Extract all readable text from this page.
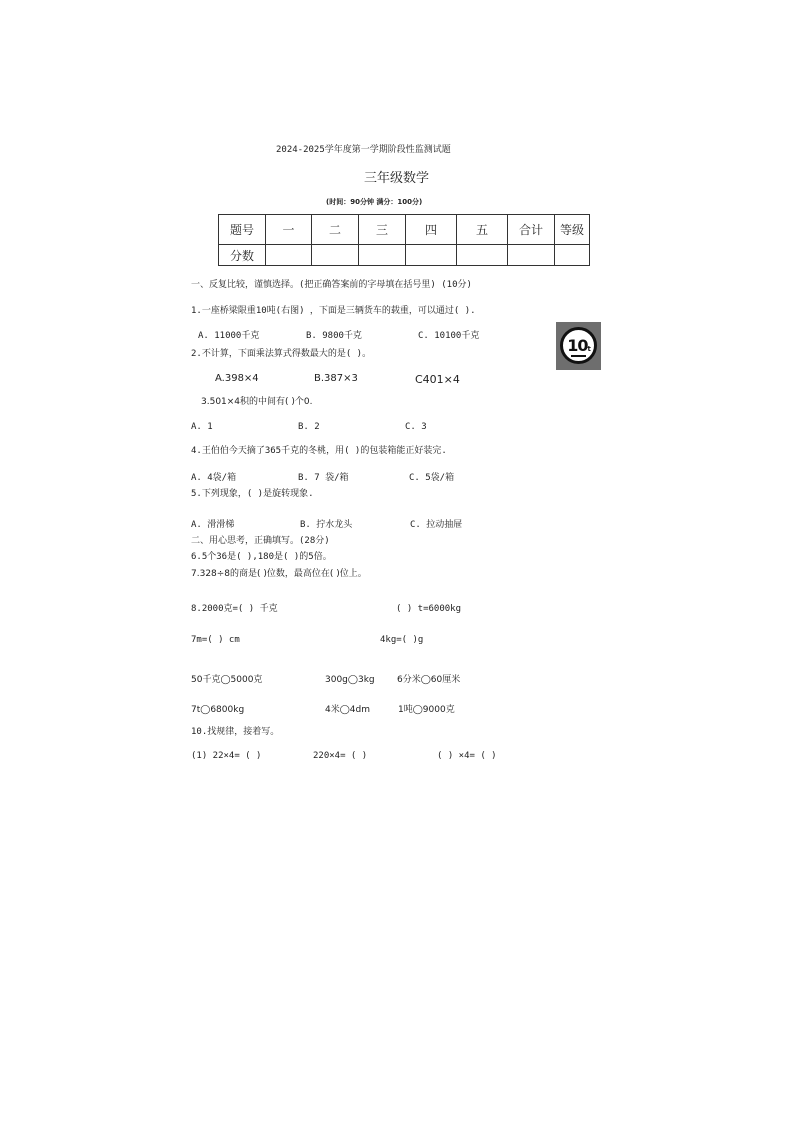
2024-2025学年度第一学期阶段性监测试题
三年级数学
(时间：90分钟 满分：100分)
题号	一	二	三	四	五	合计	等级
分数							
一、反复比较，谨慎选择。(把正确答案前的字母填在括号里) (10分)
1.一座桥梁限重10吨(右图) ，下面是三辆货车的载重，可以通过( ).
A. 11000千克	B. 9800千克	C. 10100千克	10t
2.不计算，下面乘法算式得数最大的是( )。
A.398×4	B.387×3	C401×4
3.501×4积的中间有( )个0.
A. 1	B. 2	C. 3
4.王伯伯今天摘了365千克的冬桃，用( )的包装箱能正好装完.
A. 4袋/箱	B. 7 袋/箱	C. 5袋/箱
5.下列现象，( )是旋转现象.
A. 滑滑梯	B. 拧水龙头	C. 拉动抽屉
二、用心思考，正确填写。(28分)
6.5个36是( ),180是( )的5倍。
7.328÷8的商是( )位数，最高位在( )位上。
8.2000克=( ) 千克	( ) t=6000kg
7m=( ) cm	4kg=( )g
50千克◯5000克	300g◯3kg 6分米◯60厘米
7t◯6800kg	4米◯4dm	1吨◯9000克
10.找规律，接着写。
(1) 22×4= ( )	220×4= ( )	( ) ×4= ( )
